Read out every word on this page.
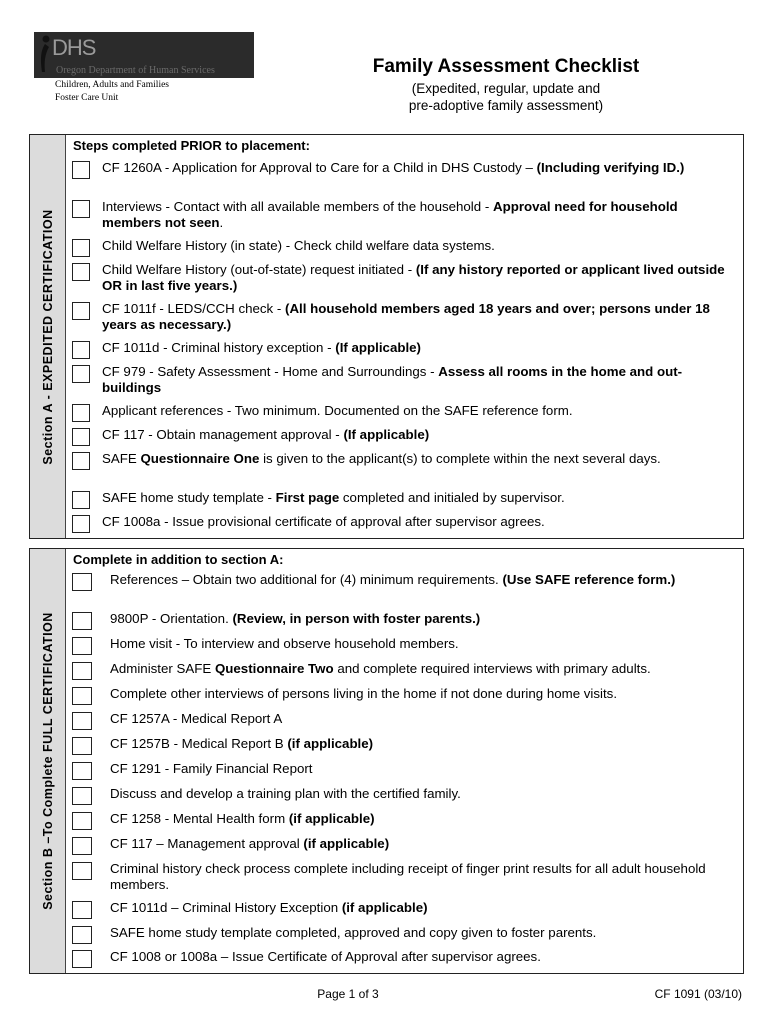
DHS
Oregon Department of Human Services
Children, Adults and Families
Foster Care Unit
Family Assessment Checklist
(Expedited, regular, update and
pre-adoptive family assessment)
Section A - EXPEDITED CERTIFICATION
Steps completed PRIOR to placement:
CF 1260A - Application for Approval to Care for a Child in DHS Custody – (Including verifying ID.)
Interviews - Contact with all available members of the household - Approval need for household members not seen.
Child Welfare History (in state) - Check child welfare data systems.
Child Welfare History (out-of-state) request initiated - (If any history reported or applicant lived outside OR in last five years.)
CF 1011f - LEDS/CCH check - (All household members aged 18 years and over; persons under 18 years as necessary.)
CF 1011d - Criminal history exception - (If applicable)
CF 979 - Safety Assessment - Home and Surroundings - Assess all rooms in the home and out-buildings
Applicant references - Two minimum. Documented on the SAFE reference form.
CF 117 - Obtain management approval - (If applicable)
SAFE Questionnaire One is given to the applicant(s) to complete within the next several days.
SAFE home study template - First page completed and initialed by supervisor.
CF 1008a - Issue provisional certificate of approval after supervisor agrees.
Section B –To Complete FULL CERTIFICATION
Complete in addition to section A:
References – Obtain two additional for (4) minimum requirements. (Use SAFE reference form.)
9800P - Orientation. (Review, in person with foster parents.)
Home visit - To interview and observe household members.
Administer SAFE Questionnaire Two and complete required interviews with primary adults.
Complete other interviews of persons living in the home if not done during home visits.
CF 1257A - Medical Report A
CF 1257B - Medical Report B (if applicable)
CF 1291 - Family Financial Report
Discuss and develop a training plan with the certified family.
CF 1258 - Mental Health form (if applicable)
CF 117 – Management approval (if applicable)
Criminal history check process complete including receipt of finger print results for all adult household members.
CF 1011d – Criminal History Exception (if applicable)
SAFE home study template completed, approved and copy given to foster parents.
CF 1008 or 1008a – Issue Certificate of Approval after supervisor agrees.
Page 1 of 3	CF 1091 (03/10)
